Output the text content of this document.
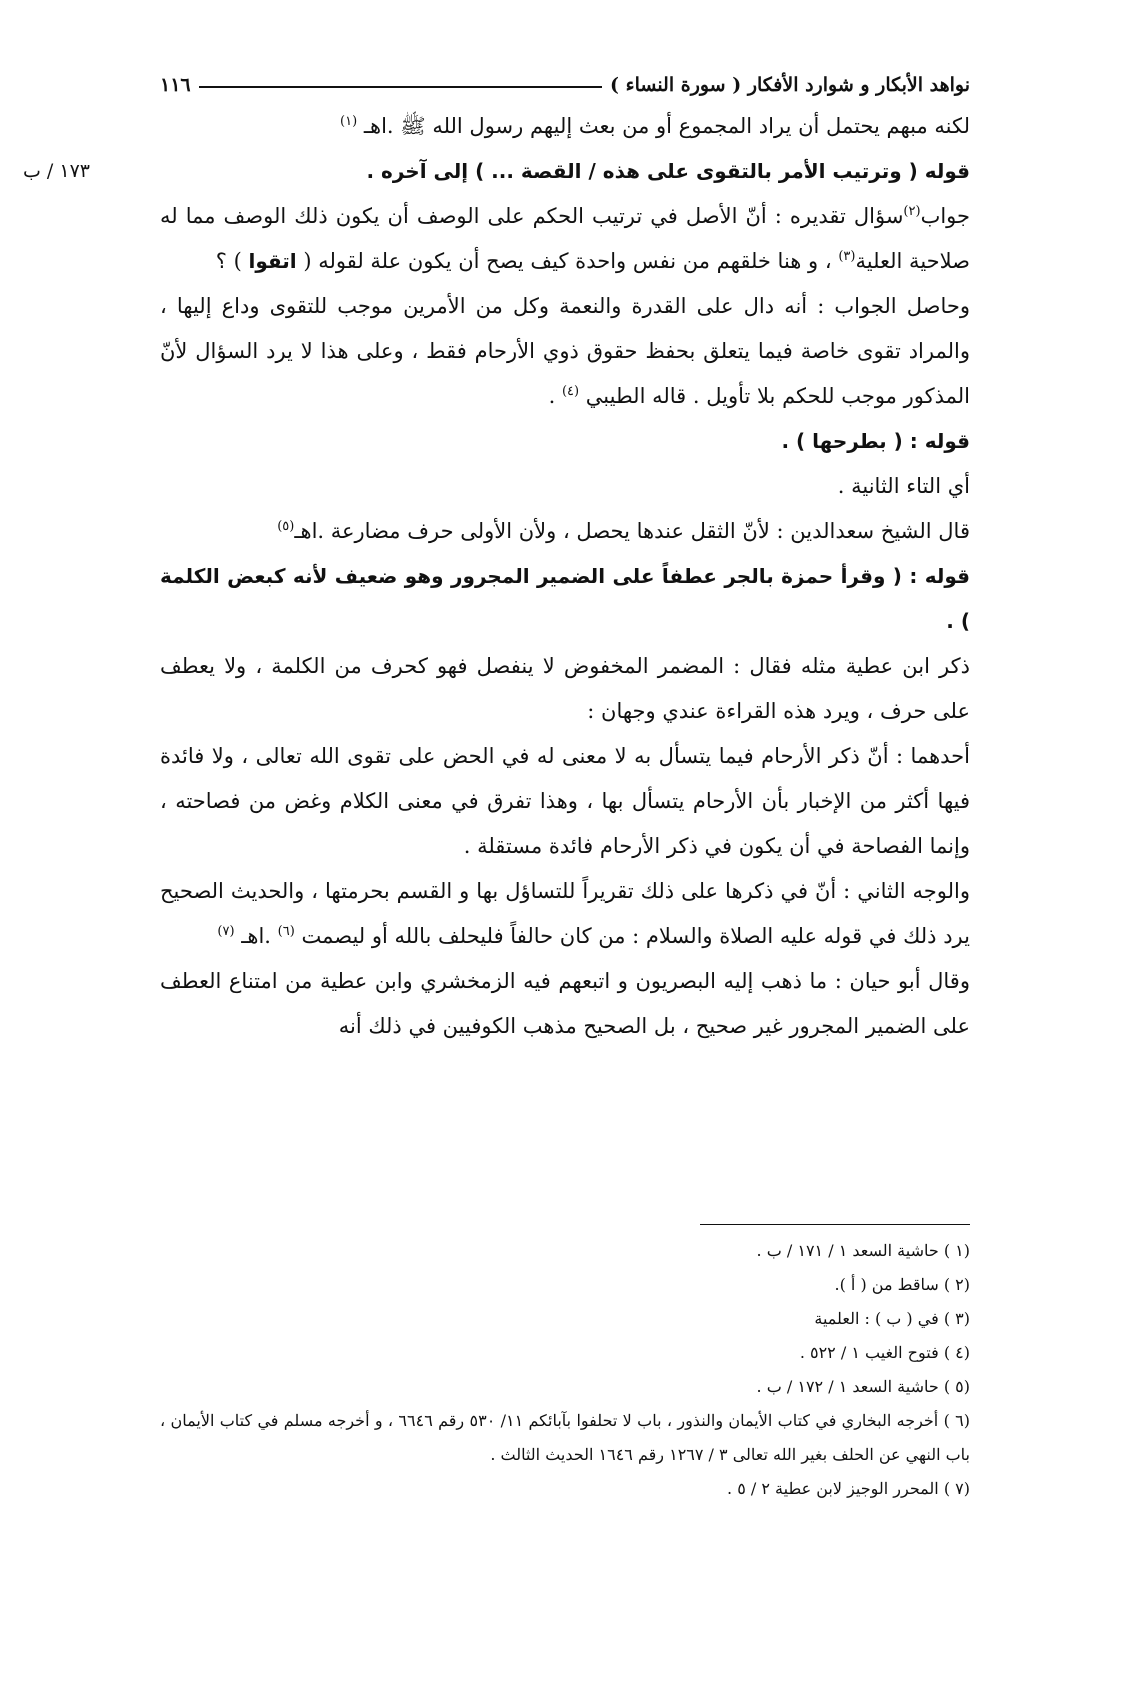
نواهد الأبكار و شوارد الأفكار ( سورة النساء )
١١٦
١٧٣ / ب

لكنه مبهم يحتمل أن يراد المجموع أو من بعث إليهم رسول الله ﷺ .اهـ $^{(١)}$

قوله ( وترتيب الأمر بالتقوى على هذه / القصة ... ) إلى آخره .

جواب$^{(٢)}$سؤال تقديره : أنّ الأصل في ترتيب الحكم على الوصف أن يكون ذلك الوصف مما له صلاحية العلية$^{(٣)}$ ، و هنا خلقهم من نفس واحدة كيف يصح أن يكون علة لقوله ( اتقوا ) ؟

وحاصل الجواب : أنه دال على القدرة والنعمة وكل من الأمرين موجب للتقوى وداع إليها ، والمراد تقوى خاصة فيما يتعلق بحفظ حقوق ذوي الأرحام فقط ، وعلى هذا لا يرد السؤال لأنّ المذكور موجب للحكم بلا تأويل . قاله الطيبي $^{(٤)}$ .

قوله : ( بطرحها ) .

أي التاء الثانية .

قال الشيخ سعدالدين : لأنّ الثقل عندها يحصل ، ولأن الأولى حرف مضارعة .اهـ$^{(٥)}$

قوله : ( وقرأ حمزة بالجر عطفاً على الضمير المجرور وهو ضعيف لأنه كبعض الكلمة ) .

ذكر ابن عطية مثله فقال : المضمر المخفوض لا ينفصل فهو كحرف من الكلمة ، ولا يعطف على حرف ، ويرد هذه القراءة عندي وجهان :

أحدهما : أنّ ذكر الأرحام فيما يتسأل به لا معنى له في الحض على تقوى الله تعالى ، ولا فائدة فيها أكثر من الإخبار بأن الأرحام يتسأل بها ، وهذا تفرق في معنى الكلام وغض من فصاحته ، وإنما الفصاحة في أن يكون في ذكر الأرحام فائدة مستقلة .

والوجه الثاني : أنّ في ذكرها على ذلك تقريراً للتساؤل بها و القسم بحرمتها ، والحديث الصحيح يرد ذلك في قوله عليه الصلاة والسلام : من كان حالفاً فليحلف بالله أو ليصمت $^{(٦)}$ .اهـ $^{(٧)}$

وقال أبو حيان : ما ذهب إليه البصريون و اتبعهم فيه الزمخشري وابن عطية من امتناع العطف على الضمير المجرور غير صحيح ، بل الصحيح مذهب الكوفيين في ذلك أنه

(١ ) حاشية السعد ١ / ١٧١ / ب .

(٢ ) ساقط من ( أ ).

(٣ ) في ( ب ) : العلمية

(٤ ) فتوح الغيب ١ / ٥٢٢ .

(٥ ) حاشية السعد ١ / ١٧٢ / ب .

(٦ ) أخرجه البخاري في كتاب الأيمان والنذور ، باب لا تحلفوا بآبائكم ١١/ ٥٣٠ رقم ٦٦٤٦ ، و أخرجه مسلم في كتاب الأيمان ، باب النهي عن الحلف بغير الله تعالى ٣ / ١٢٦٧ رقم ١٦٤٦ الحديث الثالث .

(٧ ) المحرر الوجيز لابن عطية ٢ / ٥ .
